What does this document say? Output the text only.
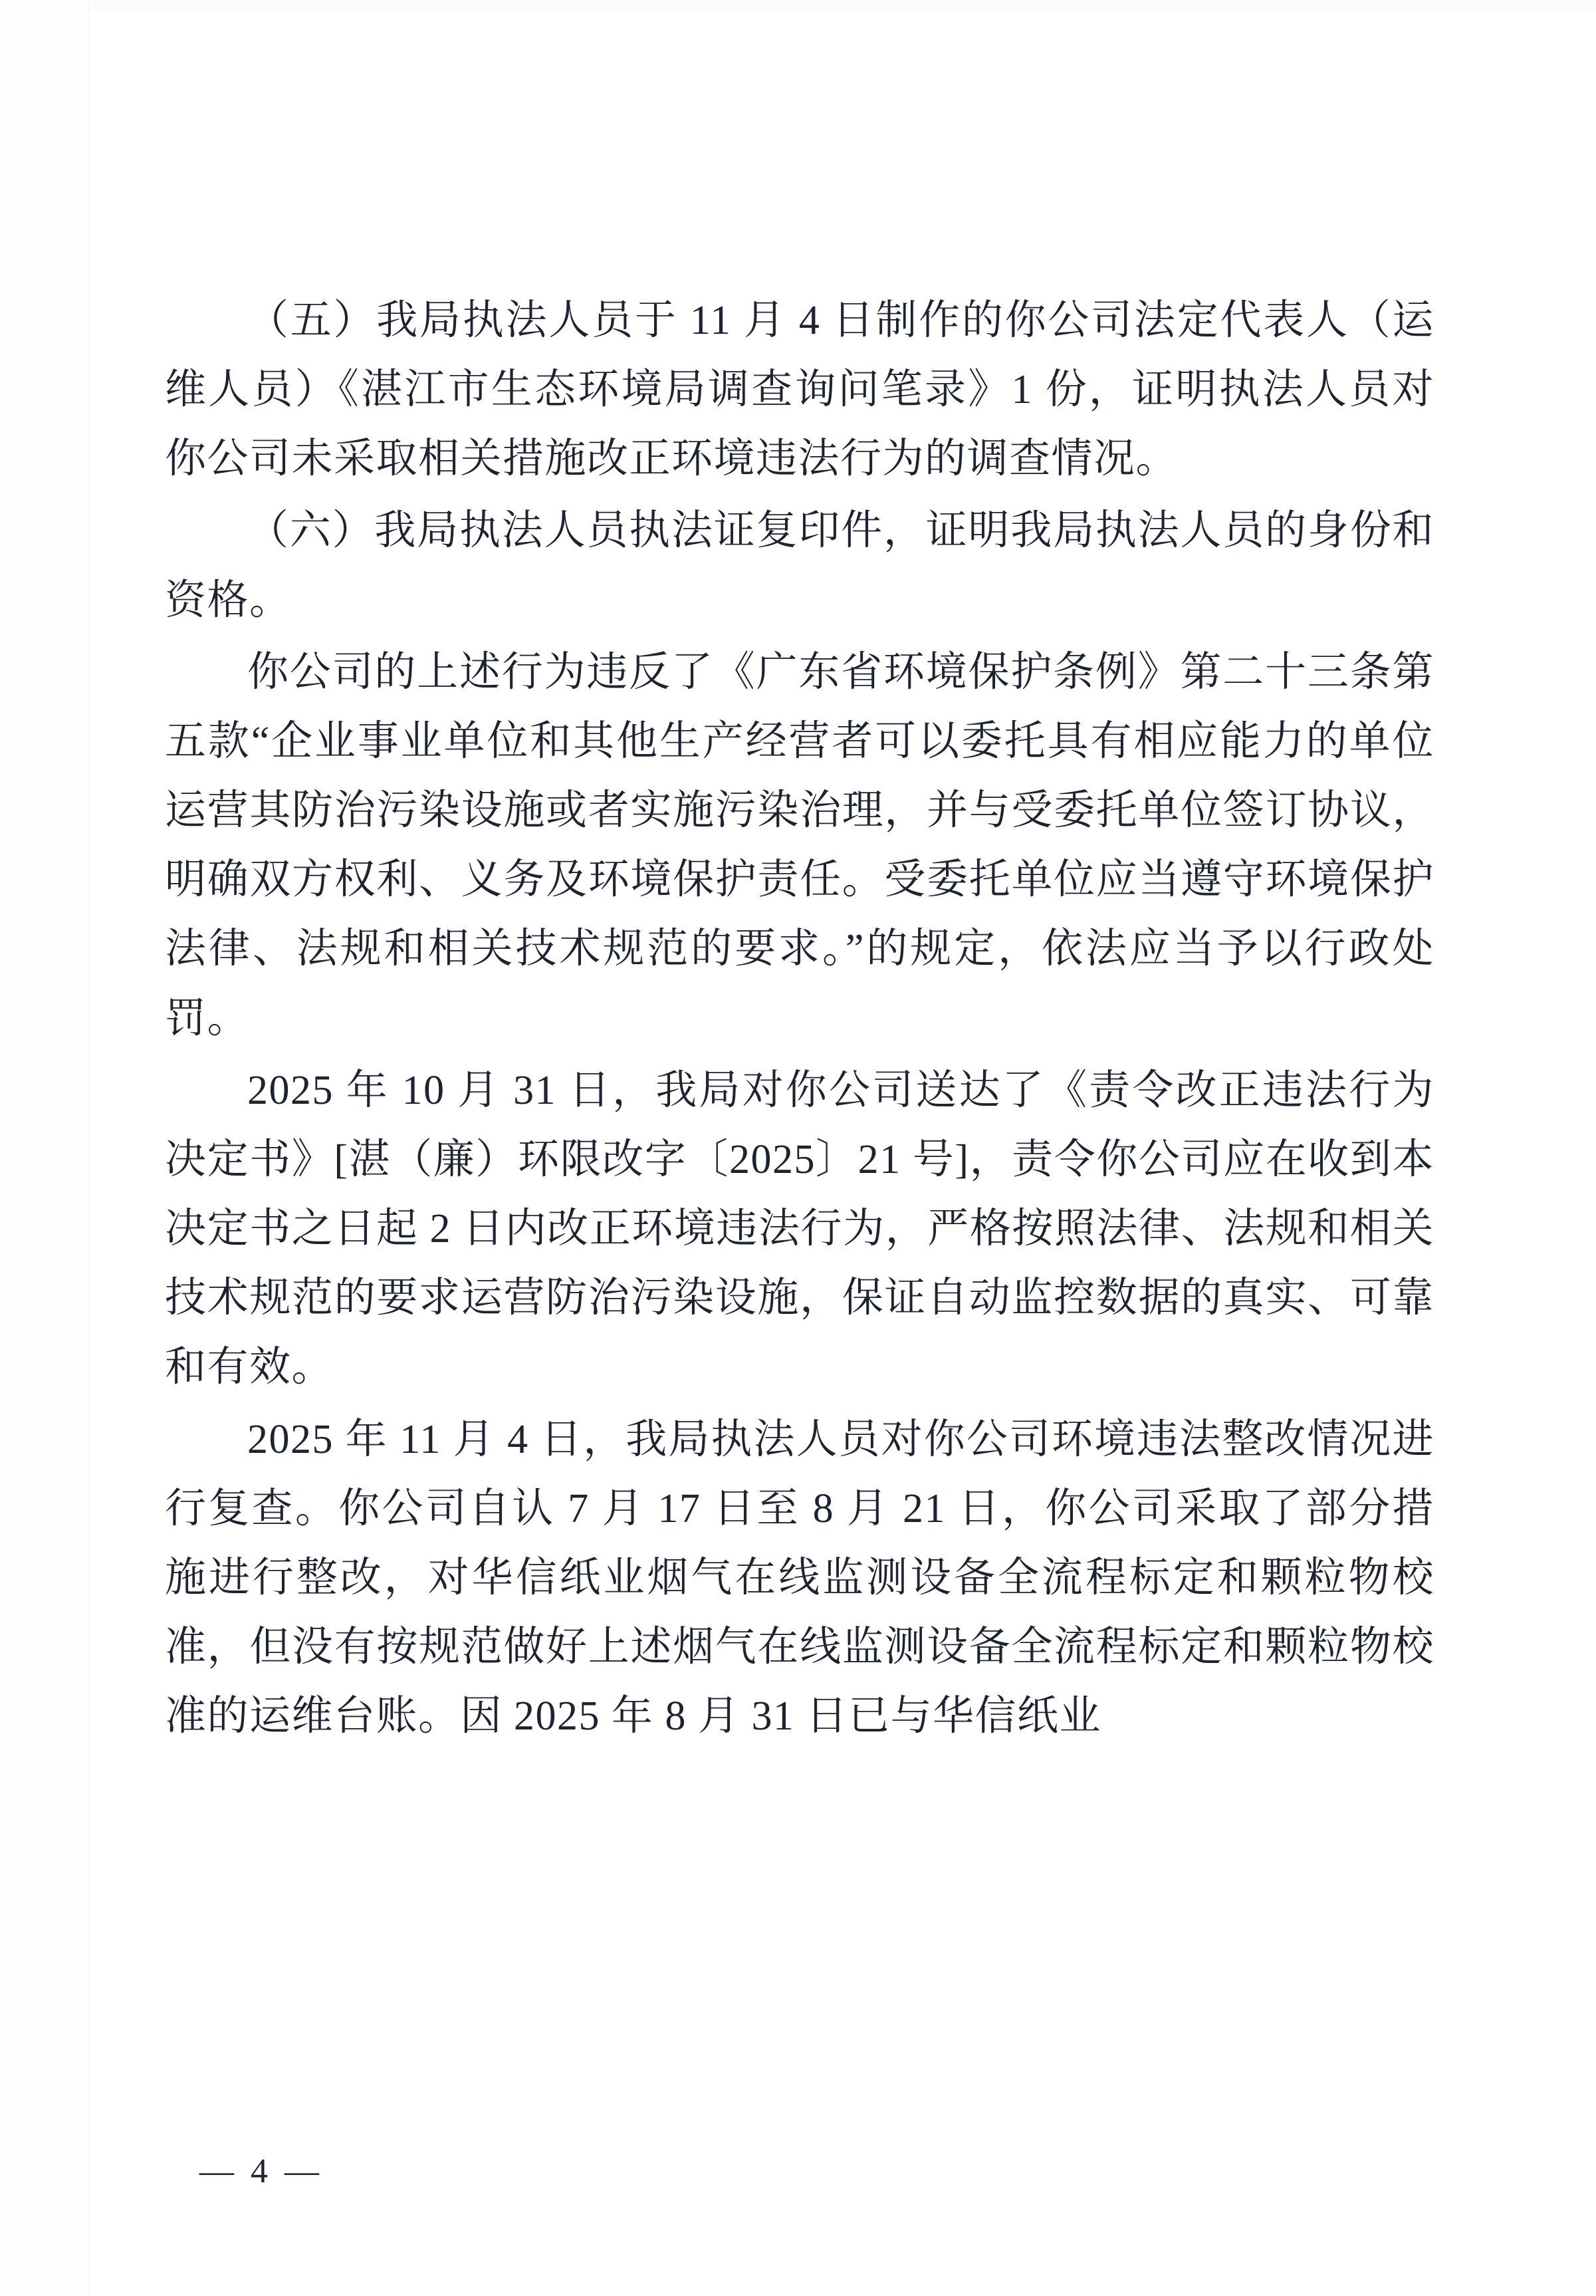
（五）我局执法人员于 11 月 4 日制作的你公司法定代表人（运维人员）《湛江市生态环境局调查询问笔录》1 份，证明执法人员对你公司未采取相关措施改正环境违法行为的调查情况。

（六）我局执法人员执法证复印件，证明我局执法人员的身份和资格。

你公司的上述行为违反了《广东省环境保护条例》第二十三条第五款“企业事业单位和其他生产经营者可以委托具有相应能力的单位运营其防治污染设施或者实施污染治理，并与受委托单位签订协议，明确双方权利、义务及环境保护责任。受委托单位应当遵守环境保护法律、法规和相关技术规范的要求。”的规定，依法应当予以行政处罚。

2025 年 10 月 31 日，我局对你公司送达了《责令改正违法行为决定书》[湛（廉）环限改字〔2025〕21 号]，责令你公司应在收到本决定书之日起 2 日内改正环境违法行为，严格按照法律、法规和相关技术规范的要求运营防治污染设施，保证自动监控数据的真实、可靠和有效。

2025 年 11 月 4 日，我局执法人员对你公司环境违法整改情况进行复查。你公司自认 7 月 17 日至 8 月 21 日，你公司采取了部分措施进行整改，对华信纸业烟气在线监测设备全流程标定和颗粒物校准，但没有按规范做好上述烟气在线监测设备全流程标定和颗粒物校准的运维台账。因 2025 年 8 月 31 日已与华信纸业

— 4 —
